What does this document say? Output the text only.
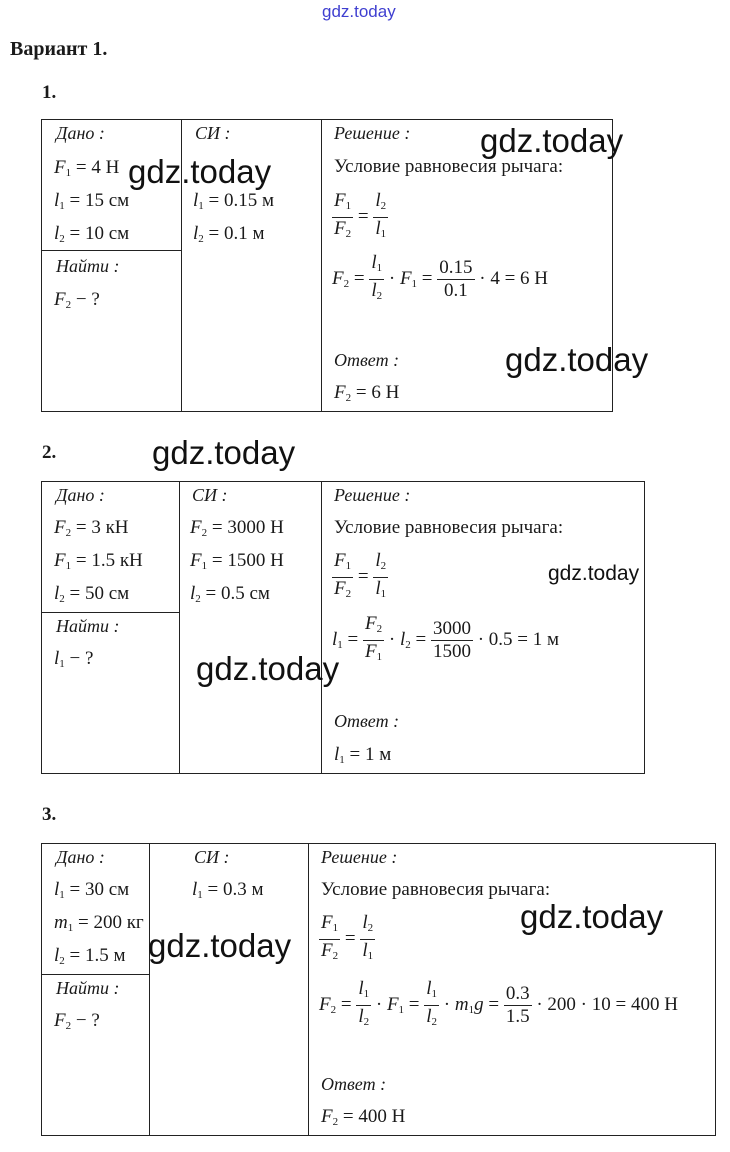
gdz.today
Вариант 1.
1.
Дано :
$F_1 = 4$ Н
$l_1 = 15$ см
$l_2 = 10$ см
Найти :
$F_2$ − ?
СИ :
$l_1 = 0.15$ м
$l_2 = 0.1$ м
Решение :
Условие равновесия рычага:
$\frac{F_1}{F_2} = \frac{l_2}{l_1}$
$F_2 = \frac{l_1}{l_2} \cdot F_1 = \frac{0.15}{0.1} \cdot 4 = 6$ Н
Ответ :
$F_2 = 6$ Н
2.
Дано :
$F_2 = 3$ кН
$F_1 = 1.5$ кН
$l_2 = 50$ см
Найти :
$l_1$ − ?
СИ :
$F_2 = 3000$ Н
$F_1 = 1500$ Н
$l_2 = 0.5$ см
Решение :
Условие равновесия рычага:
$\frac{F_1}{F_2} = \frac{l_2}{l_1}$
$l_1 = \frac{F_2}{F_1} \cdot l_2 = \frac{3000}{1500} \cdot 0.5 = 1$ м
Ответ :
$l_1 = 1$ м
3.
Дано :
$l_1 = 30$ см
$m_1 = 200$ кг
$l_2 = 1.5$ м
Найти :
$F_2$ − ?
СИ :
$l_1 = 0.3$ м
Решение :
Условие равновесия рычага:
$\frac{F_1}{F_2} = \frac{l_2}{l_1}$
$F_2 = \frac{l_1}{l_2} \cdot F_1 = \frac{l_1}{l_2} \cdot m_1g = \frac{0.3}{1.5} \cdot 200 \cdot 10 = 400$ Н
Ответ :
$F_2 = 400$ Н
gdz.today
gdz.today
gdz.today
gdz.today
gdz.today
gdz.today
gdz.today
gdz.today
